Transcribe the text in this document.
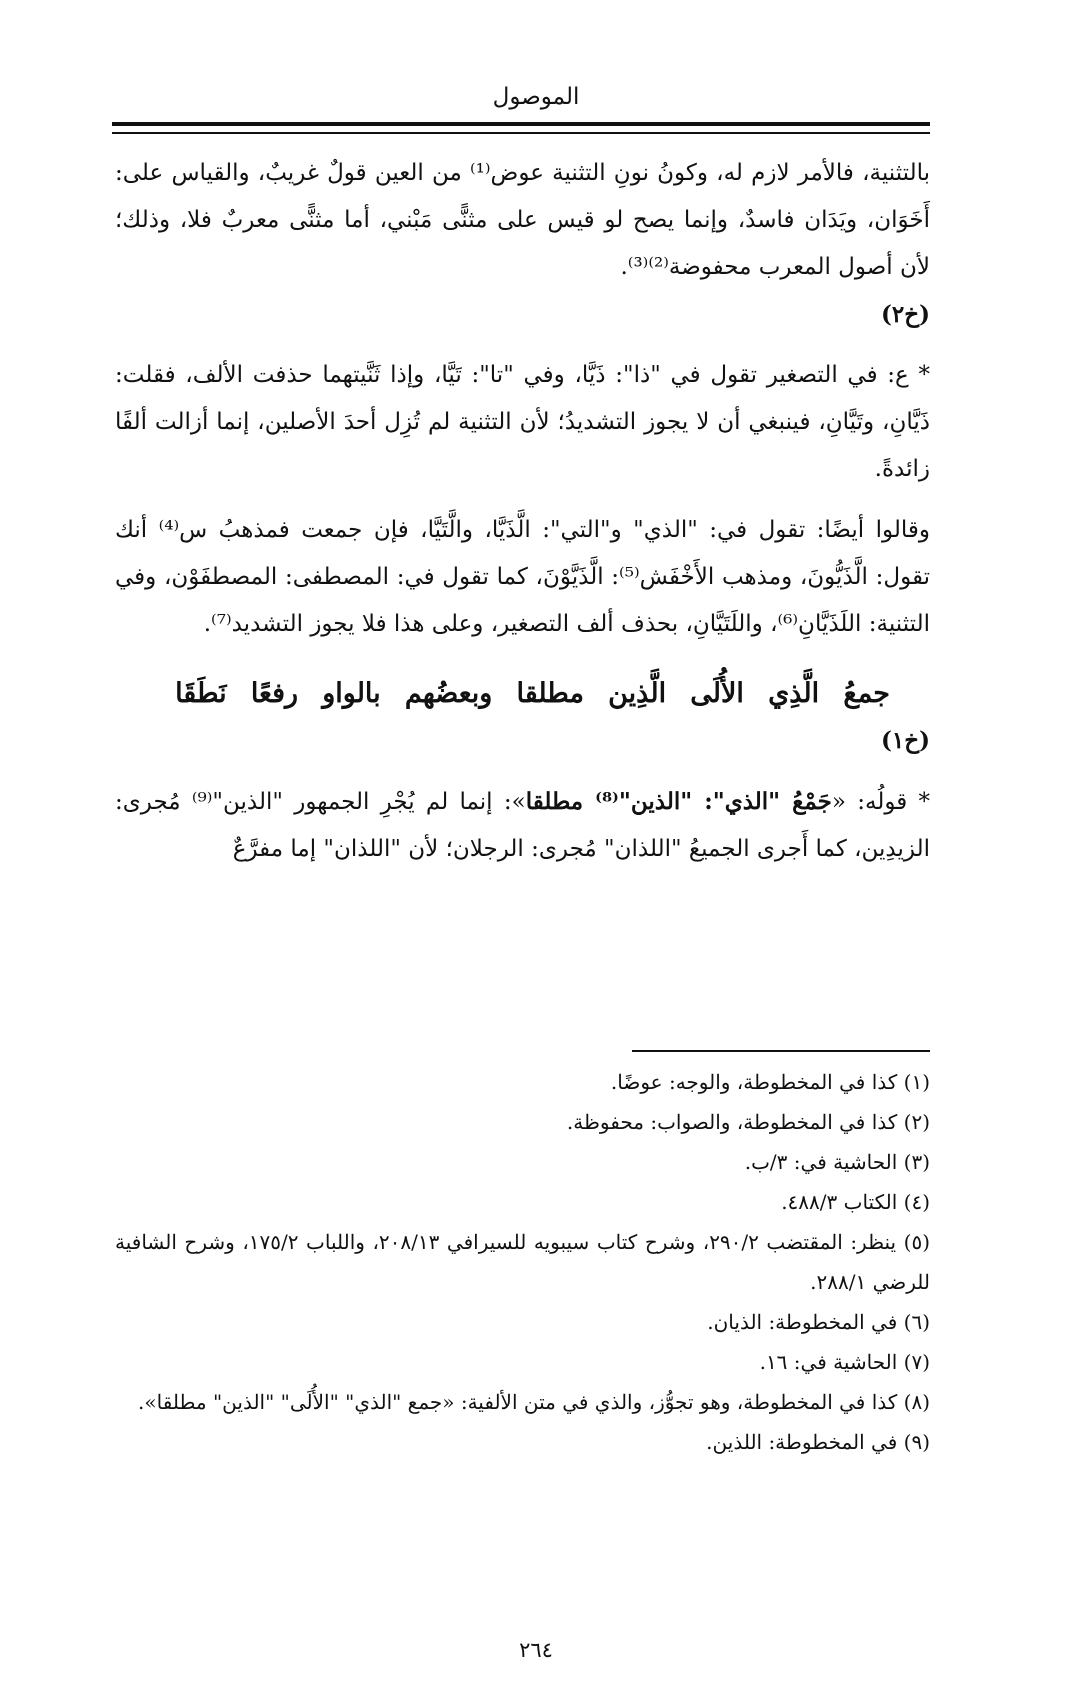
الموصول

بالتثنية، فالأمر لازم له، وكونُ نونِ التثنية عوض⁽¹⁾ من العين قولٌ غريبٌ، والقياس على: أَخَوَان، ويَدَان فاسدٌ، وإنما يصح لو قيس على مثنًّى مَبْني، أما مثنًّى معربٌ فلا، وذلك؛ لأن أصول المعرب محفوضة⁽²⁾⁽³⁾.

(خ٢)

* ع: في التصغير تقول في "ذا": ذَيَّا، وفي "تا": تَيَّا، وإذا ثَنَّيتهما حذفت الألف، فقلت: ذَيَّانِ، وتَيَّانِ، فينبغي أن لا يجوز التشديدُ؛ لأن التثنية لم تُزِل أحدَ الأصلين، إنما أزالت ألفًا زائدةً.

وقالوا أيضًا: تقول في: "الذي" و"التي": الَّذَيَّا، والَّتَيَّا، فإن جمعت فمذهبُ س⁽⁴⁾ أنك تقول: الَّذَيُّونَ، ومذهب الأَخْفَش⁽⁵⁾: الَّذَيَّوْنَ، كما تقول في: المصطفى: المصطفَوْن، وفي التثنية: اللَذَيَّانِ⁽⁶⁾، واللَتَيَّانِ، بحذف ألف التصغير، وعلى هذا فلا يجوز التشديد⁽⁷⁾.

جمعُ
الَّذِي
الأُلَى
الَّذِين
مطلقا
وبعضُهم
بالواو
رفعًا
نَطَقَا

(خ١)

* قولُه: «جَمْعُ "الذي": "الذين"⁽⁸⁾ مطلقا»: إنما لم يُجْرِ الجمهور "الذين"⁽⁹⁾ مُجرى: الزيدِين، كما أَجرى الجميعُ "اللذان" مُجرى: الرجلان؛ لأن "اللذان" إما مفرَّعٌ

(١) كذا في المخطوطة، والوجه: عوضًا.

(٢) كذا في المخطوطة، والصواب: محفوظة.

(٣) الحاشية في: ٣/ب.

(٤) الكتاب ٤٨٨/٣.

(٥) ينظر: المقتضب ٢٩٠/٢، وشرح كتاب سيبويه للسيرافي ٢٠٨/١٣، واللباب ١٧٥/٢، وشرح الشافية للرضي ٢٨٨/١.

(٦) في المخطوطة: الذيان.

(٧) الحاشية في: ١٦.

(٨) كذا في المخطوطة، وهو تجوُّز، والذي في متن الألفية: «جمع "الذي" "الأُلَى" "الذين" مطلقا».

(٩) في المخطوطة: اللذين.

٢٦٤
